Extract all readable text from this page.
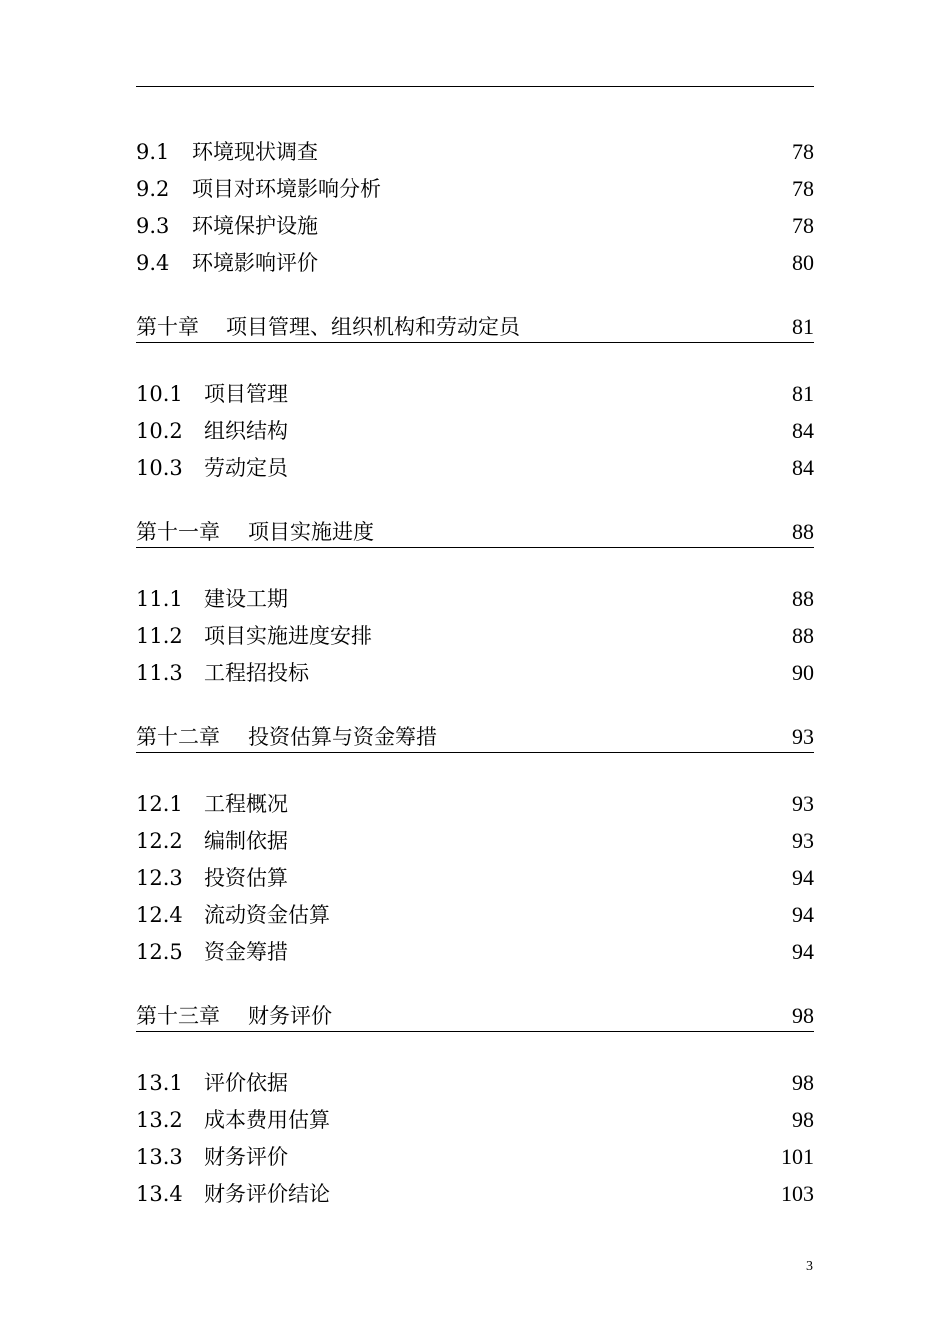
9.1 环境现状调查	78
9.2 项目对环境影响分析	78
9.3 环境保护设施	78
9.4 环境影响评价	80
第十章 项目管理、组织机构和劳动定员	81
10.1 项目管理	81
10.2 组织结构	84
10.3 劳动定员	84
第十一章 项目实施进度	88
11.1 建设工期	88
11.2 项目实施进度安排	88
11.3 工程招投标	90
第十二章 投资估算与资金筹措	93
12.1 工程概况	93
12.2 编制依据	93
12.3 投资估算	94
12.4 流动资金估算	94
12.5 资金筹措	94
第十三章 财务评价	98
13.1 评价依据	98
13.2 成本费用估算	98
13.3 财务评价	101
13.4 财务评价结论	103
3
